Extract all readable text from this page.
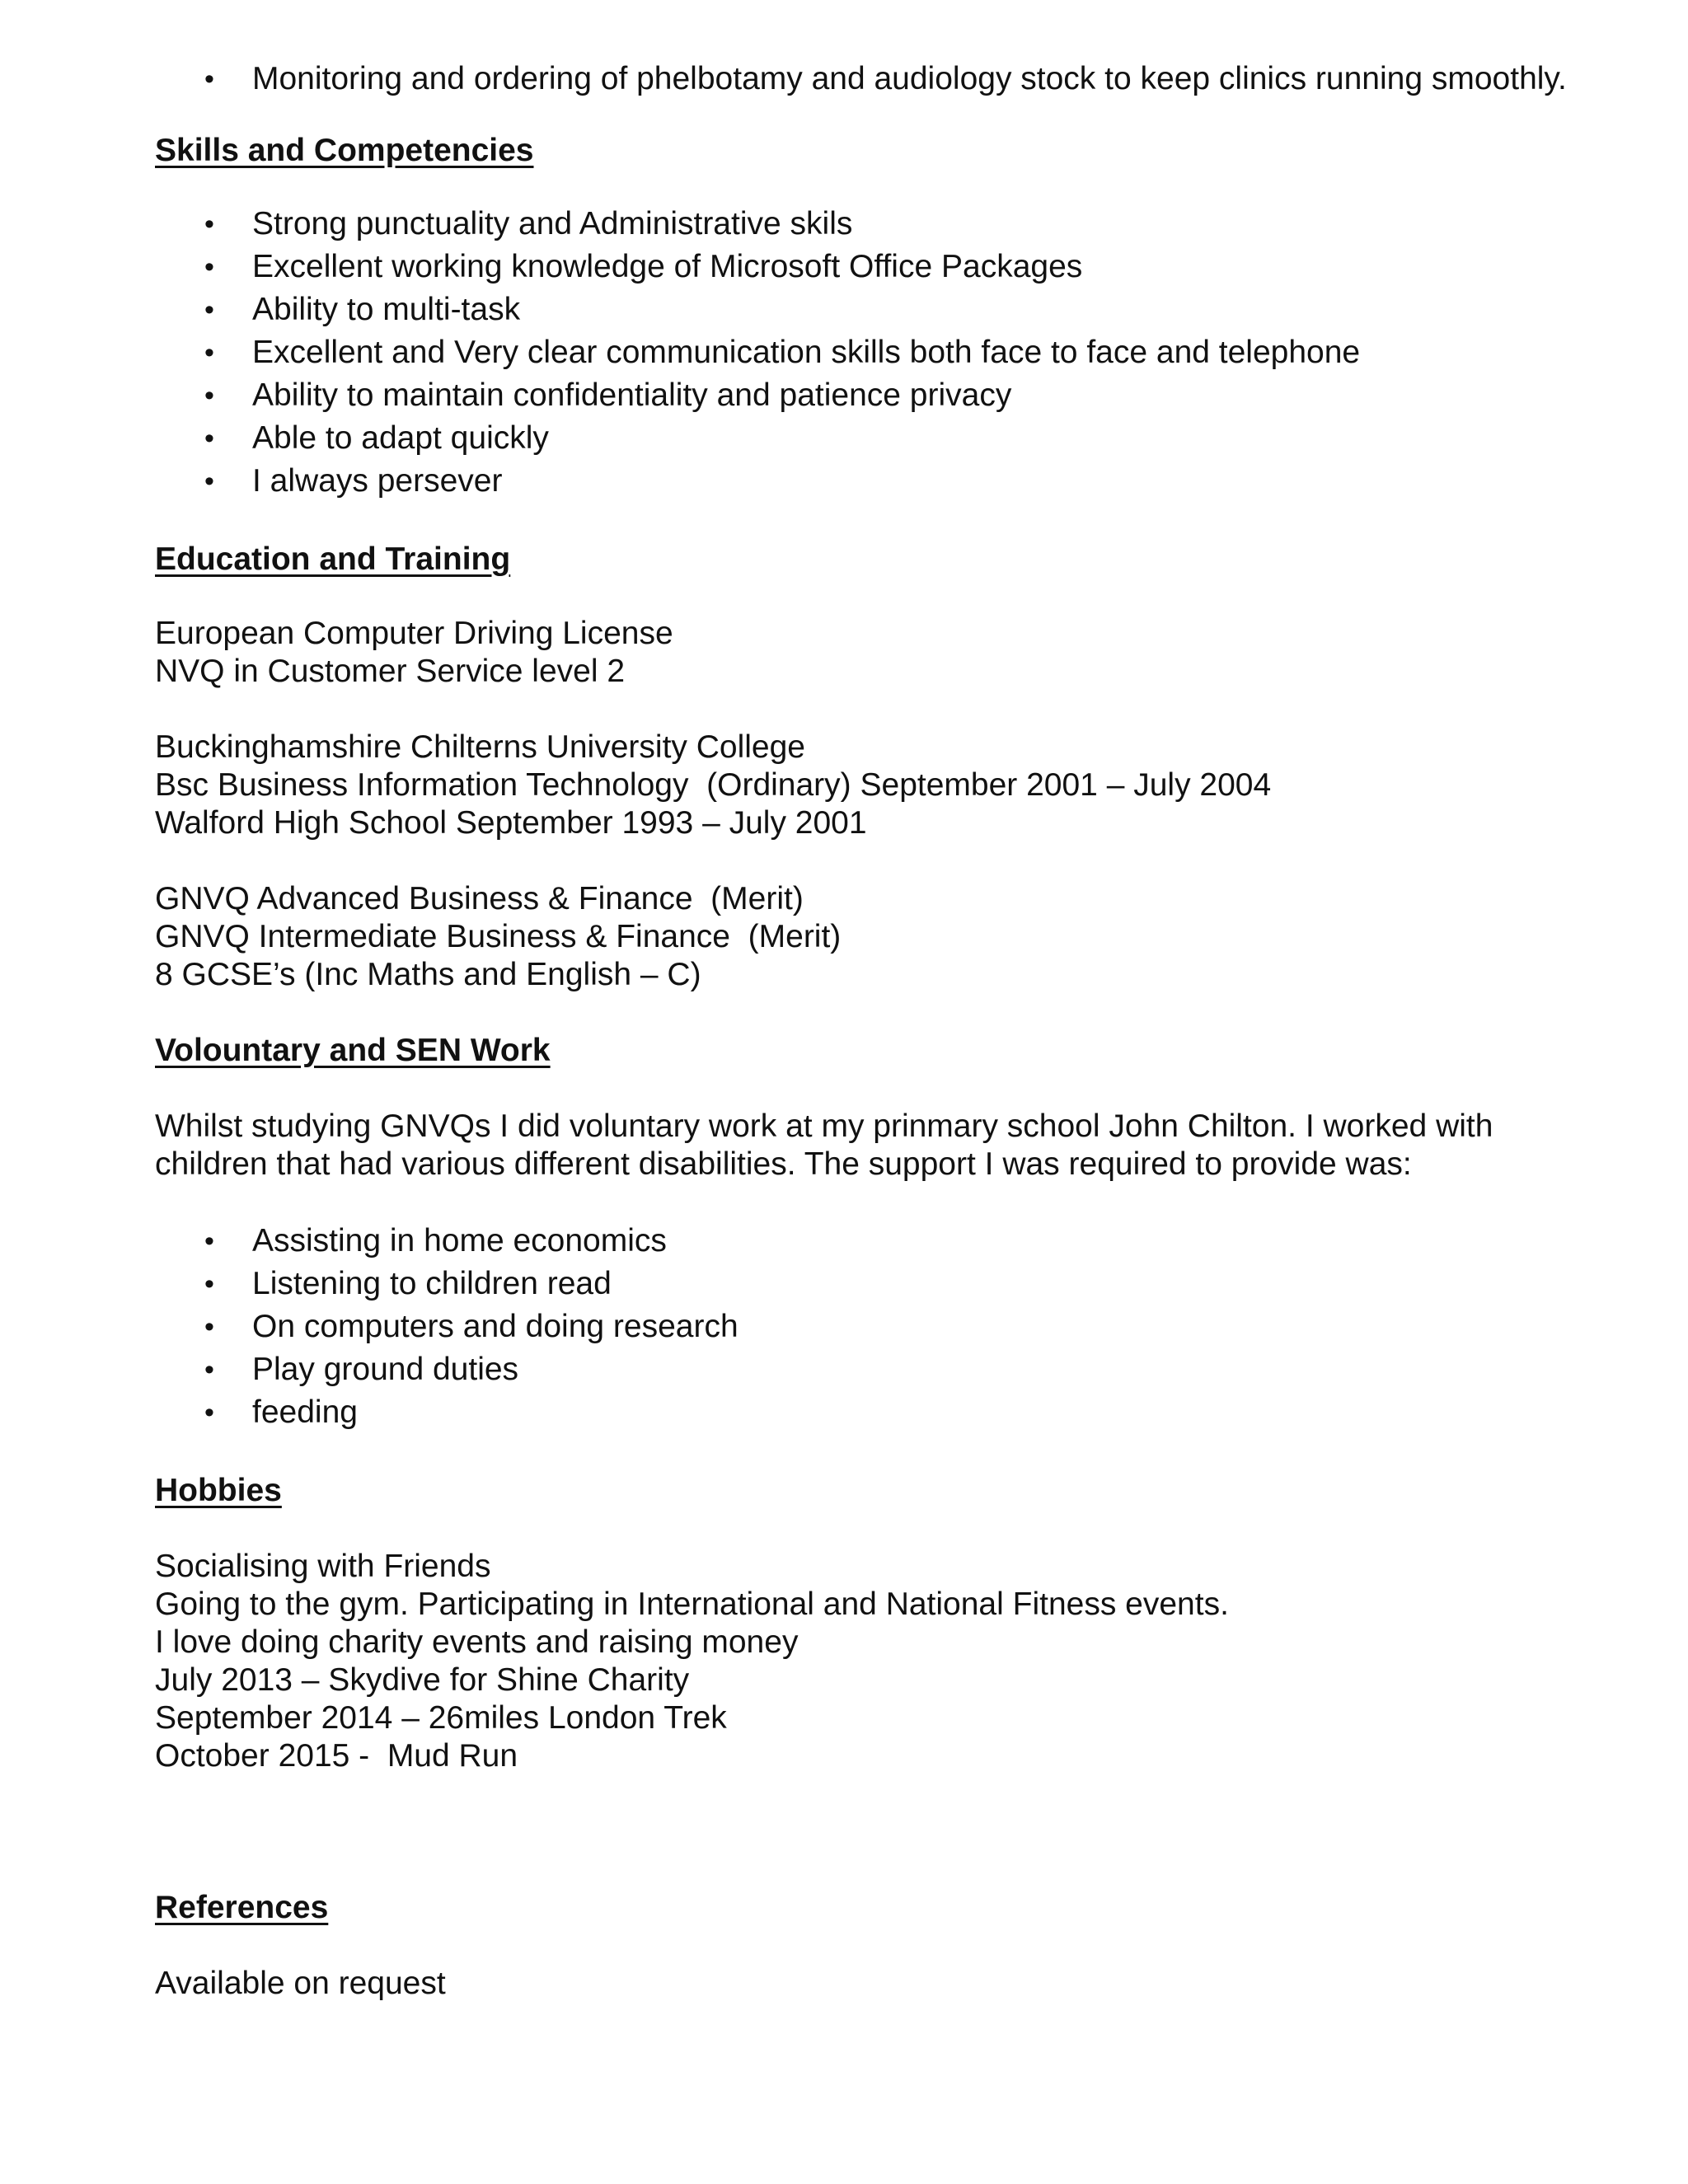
• Monitoring and ordering of phelbotamy and audiology stock to keep clinics running smoothly.

Skills and Competencies

• Strong punctuality and Administrative skils
• Excellent working knowledge of Microsoft Office Packages
• Ability to multi-task
• Excellent and Very clear communication skills both face to face and telephone
• Ability to maintain confidentiality and patience privacy
• Able to adapt quickly
• I always persever

Education and Training

European Computer Driving License

NVQ in Customer Service level 2

Buckinghamshire Chilterns University College

Bsc Business Information Technology  (Ordinary) September 2001 – July 2004

Walford High School September 1993 – July 2001

GNVQ Advanced Business & Finance  (Merit)

GNVQ Intermediate Business & Finance  (Merit)

8 GCSE’s (Inc Maths and English – C)

Volountary and SEN Work

Whilst studying GNVQs I did voluntary work at my prinmary school John Chilton. I worked with children that had various different disabilities. The support I was required to provide was:

• Assisting in home economics
• Listening to children read
• On computers and doing research
• Play ground duties
• feeding

Hobbies

Socialising with Friends

Going to the gym. Participating in International and National Fitness events.

I love doing charity events and raising money

July 2013 – Skydive for Shine Charity

September 2014 – 26miles London Trek

October 2015 -  Mud Run

References

Available on request
